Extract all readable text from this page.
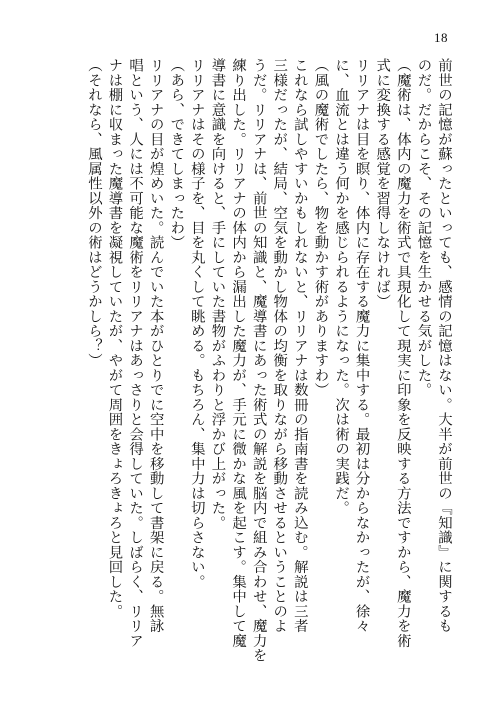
18
前世の記憶が蘇ったといっても、感情の記憶はない。大半が前世の『知識』に関するも
のだ。だからこそ、その記憶を生かせる気がした。
（魔術は、体内の魔力を術式で具現化して現実に印象を反映する方法ですから、魔力を術
式に変換する感覚を習得しなければ）
リリアナは目を瞑り、体内に存在する魔力に集中する。最初は分からなかったが、徐々
に、血流とは違う何かを感じられるようになった。次は術の実践だ。
（風の魔術でしたら、物を動かす術がありますわ）
これなら試しやすいかもしれないと、リリアナは数冊の指南書を読み込む。解説は三者
三様だったが、結局、空気を動かし物体の均衡を取りながら移動させるということのよ
うだ。リリアナは、前世の知識と、魔導書にあった術式の解説を脳内で組み合わせ、魔力を
練り出した。リリアナの体内から漏出した魔力が、手元に微かな風を起こす。集中して魔
導書に意識を向けると、手にしていた書物がふわりと浮かび上がった。
リリアナはその様子を、目を丸くして眺める。もちろん、集中力は切らさない。
（あら、できてしまったわ）
リリアナの目が煌めいた。読んでいた本がひとりでに空中を移動して書架に戻る。無詠
唱という、人には不可能な魔術をリリアナはあっさりと会得していた。しばらく、リリア
ナは棚に収まった魔導書を凝視していたが、やがて周囲をきょろきょろと見回した。
（それなら、風属性以外の術はどうかしら？）
